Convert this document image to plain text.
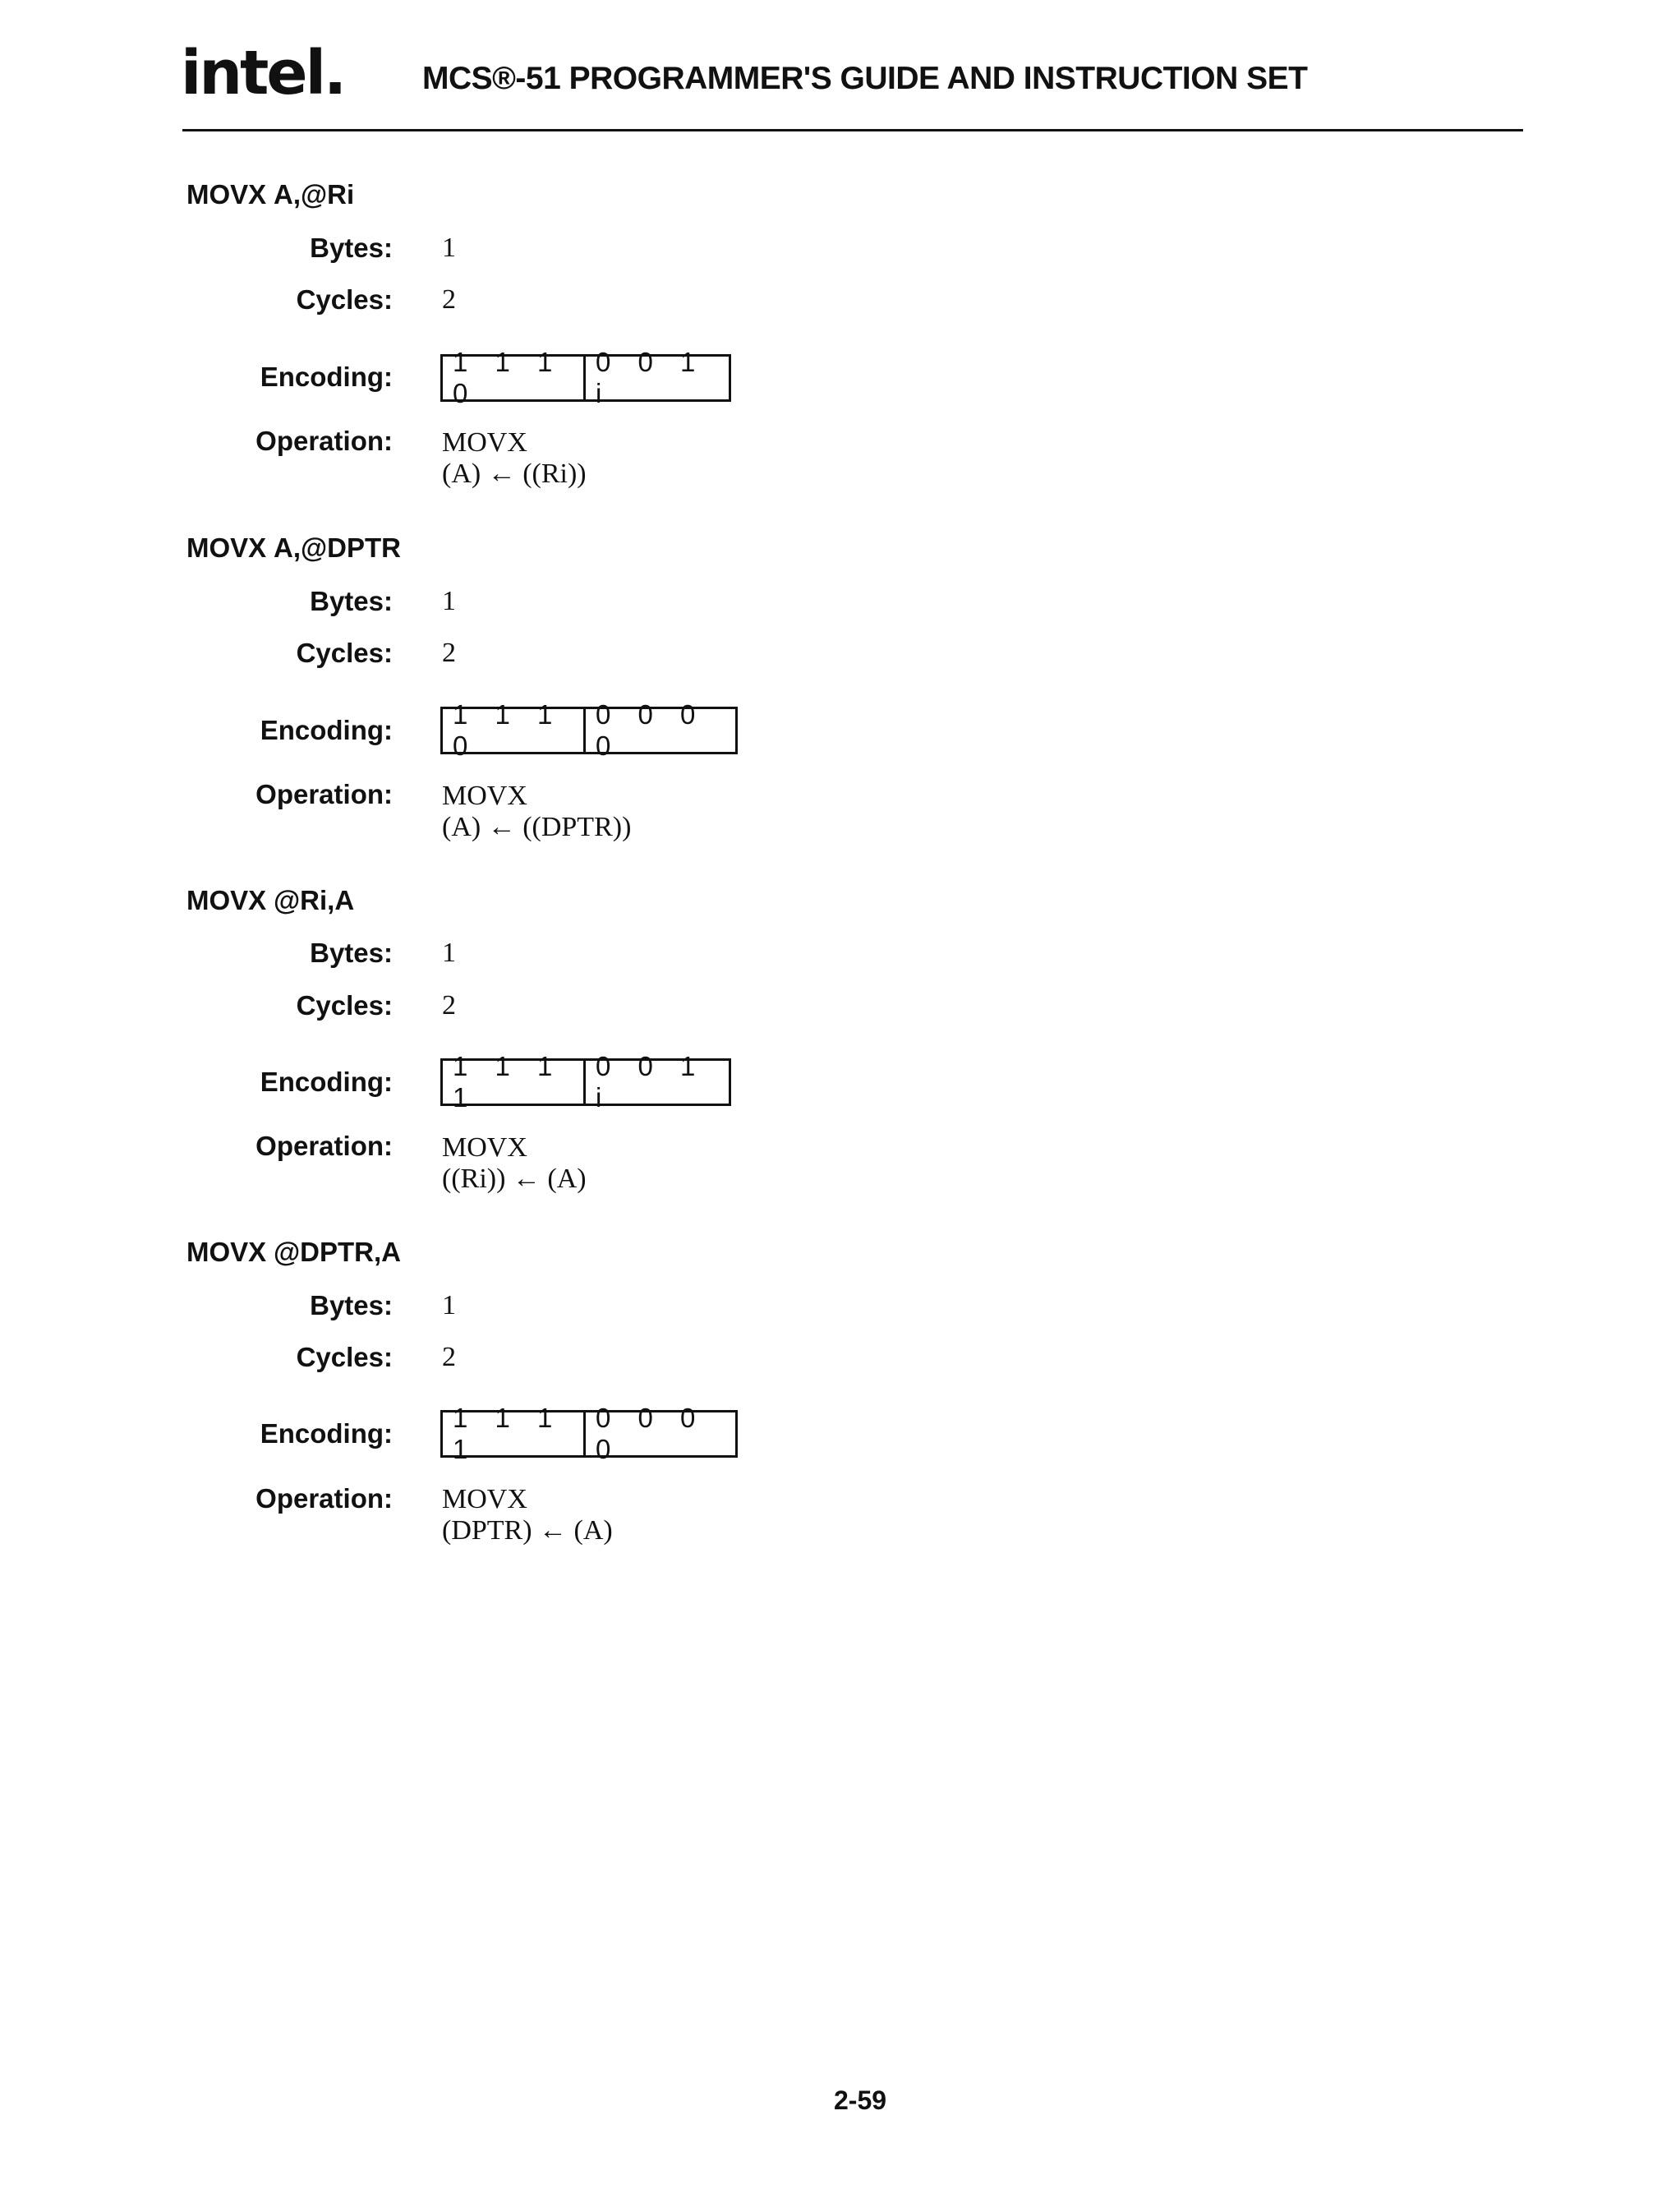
intel. MCS®-51 PROGRAMMER'S GUIDE AND INSTRUCTION SET
MOVX A,@Ri
Bytes: 1
Cycles: 2
Encoding:	1 1 1 0
0 0 1 i
Operation: MOVX
(A) ← ((Ri))
MOVX A,@DPTR
Bytes: 1
Cycles: 2
Encoding:
1 1 1 0
0 0 0 0
Operation: MOVX
(A) ← ((DPTR))
MOVX @Ri,A
Bytes: 1
Cycles: 2
Encoding:
1 1 1 1
0 0 1 i
Operation: MOVX
((Ri)) ← (A)
MOVX @DPTR,A
Bytes: 1
Cycles: 2
Encoding:
1 1 1 1
0 0 0 0
Operation: MOVX
(DPTR) ← (A)
2-59
